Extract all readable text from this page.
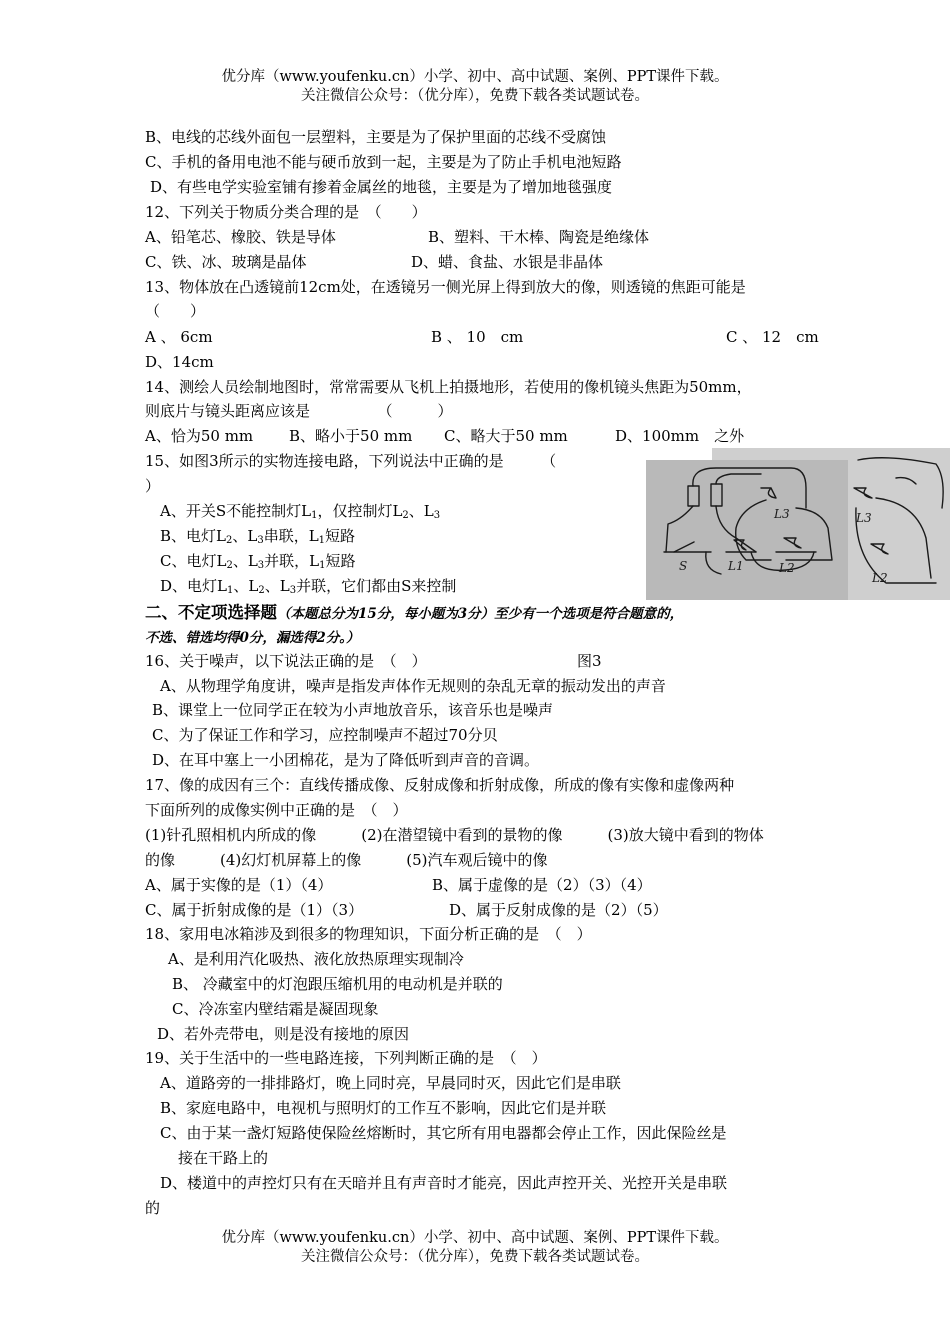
优分库（www.youfenku.cn）小学、初中、高中试题、案例、PPT课件下载。
关注微信公众号：（优分库），免费下载各类试题试卷。
B、电线的芯线外面包一层塑料，主要是为了保护里面的芯线不受腐蚀
C、手机的备用电池不能与硬币放到一起，主要是为了防止手机电池短路
D、有些电学实验室铺有掺着金属丝的地毯，主要是为了增加地毯强度
12、下列关于物质分类合理的是　（　　）
A、铅笔芯、橡胶、铁是导体	B、塑料、干木棒、陶瓷是绝缘体
C、铁、冰、玻璃是晶体	D、蜡、食盐、水银是非晶体
13、物体放在凸透镜前12cm处，在透镜另一侧光屏上得到放大的像，则透镜的焦距可能是
（　　）
A 、 6cm	B 、 10　cm	C 、 12　cm
D、14cm
14、测绘人员绘制地图时，常常需要从飞机上拍摄地形，若使用的像机镜头焦距为50mm，
则底片与镜头距离应该是　　　　　（　　　）
A、恰为50 mm B、略小于50 mm C、略大于50 mm	D、100mm　之外
15、如图3所示的实物连接电路，下列说法中正确的是　　　（
）
A、开关S不能控制灯$L_1$，仅控制灯$L_2$、$L_3$
B、电灯$L_2$、$L_3$串联，$L_1$短路
C、电灯$L_2$、$L_3$并联，$L_1$短路
D、电灯$L_1$、$L_2$、$L_3$并联，它们都由S来控制
S	L1
L3
L2
L3
L2
二、不定项选择题（本题总分为15分，每小题为3分）至少有一个选项是符合题意的，
不选、错选均得0分，漏选得2分。）
16、关于噪声，以下说法正确的是　（　）	图3
A、从物理学角度讲，噪声是指发声体作无规则的杂乱无章的振动发出的声音
B、课堂上一位同学正在较为小声地放音乐，该音乐也是噪声
C、为了保证工作和学习，应控制噪声不超过70分贝
D、在耳中塞上一小团棉花，是为了降低听到声音的音调。
17、像的成因有三个：直线传播成像、反射成像和折射成像，所成的像有实像和虚像两种
下面所列的成像实例中正确的是　（　）
(1)针孔照相机内所成的像　　　(2)在潜望镜中看到的景物的像　　　(3)放大镜中看到的物体
的像　　　(4)幻灯机屏幕上的像　　　(5)汽车观后镜中的像
A、属于实像的是（1）（4）	B、属于虚像的是（2）（3）（4）
C、属于折射成像的是（1）（3）	D、属于反射成像的是（2）（5）
18、家用电冰箱涉及到很多的物理知识，下面分析正确的是　（　）
A、是利用汽化吸热、液化放热原理实现制冷
B、 冷藏室中的灯泡跟压缩机用的电动机是并联的
C、冷冻室内壁结霜是凝固现象
D、若外壳带电，则是没有接地的原因
19、关于生活中的一些电路连接，下列判断正确的是　（　）
A、道路旁的一排排路灯，晚上同时亮，早晨同时灭，因此它们是串联
B、家庭电路中，电视机与照明灯的工作互不影响，因此它们是并联
C、由于某一盏灯短路使保险丝熔断时，其它所有用电器都会停止工作，因此保险丝是
接在干路上的
D、楼道中的声控灯只有在天暗并且有声音时才能亮，因此声控开关、光控开关是串联
的
优分库（www.youfenku.cn）小学、初中、高中试题、案例、PPT课件下载。
关注微信公众号：（优分库），免费下载各类试题试卷。
